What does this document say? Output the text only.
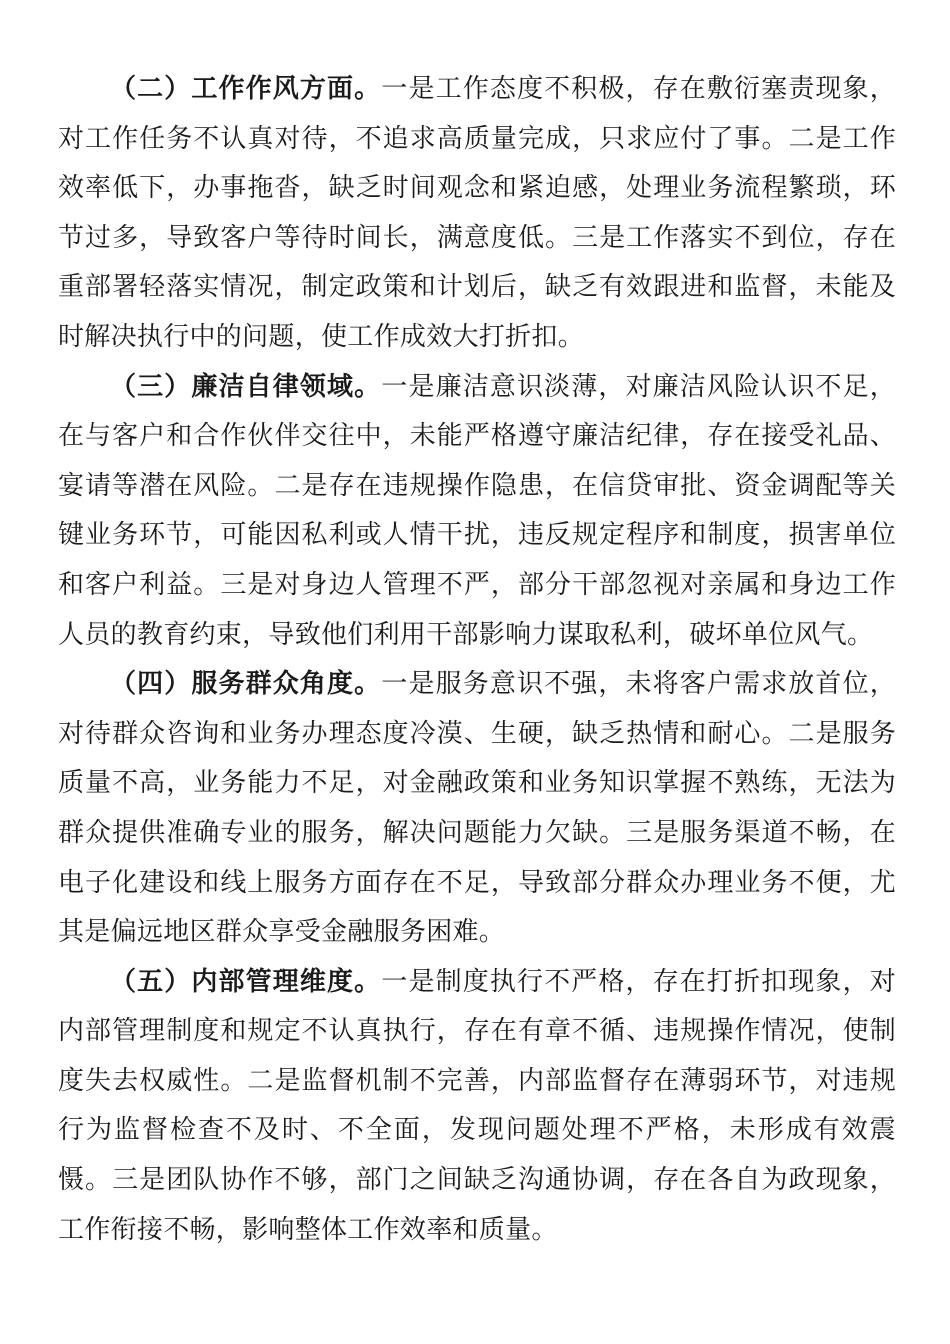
（二）工作作风方面。一是工作态度不积极，存在敷衍塞责现象，对工作任务不认真对待，不追求高质量完成，只求应付了事。二是工作效率低下，办事拖沓，缺乏时间观念和紧迫感，处理业务流程繁琐，环节过多，导致客户等待时间长，满意度低。三是工作落实不到位，存在重部署轻落实情况，制定政策和计划后，缺乏有效跟进和监督，未能及时解决执行中的问题，使工作成效大打折扣。

（三）廉洁自律领域。一是廉洁意识淡薄，对廉洁风险认识不足，在与客户和合作伙伴交往中，未能严格遵守廉洁纪律，存在接受礼品、宴请等潜在风险。二是存在违规操作隐患，在信贷审批、资金调配等关键业务环节，可能因私利或人情干扰，违反规定程序和制度，损害单位和客户利益。三是对身边人管理不严，部分干部忽视对亲属和身边工作人员的教育约束，导致他们利用干部影响力谋取私利，破坏单位风气。

（四）服务群众角度。一是服务意识不强，未将客户需求放首位，对待群众咨询和业务办理态度冷漠、生硬，缺乏热情和耐心。二是服务质量不高，业务能力不足，对金融政策和业务知识掌握不熟练，无法为群众提供准确专业的服务，解决问题能力欠缺。三是服务渠道不畅，在电子化建设和线上服务方面存在不足，导致部分群众办理业务不便，尤其是偏远地区群众享受金融服务困难。

（五）内部管理维度。一是制度执行不严格，存在打折扣现象，对内部管理制度和规定不认真执行，存在有章不循、违规操作情况，使制度失去权威性。二是监督机制不完善，内部监督存在薄弱环节，对违规行为监督检查不及时、不全面，发现问题处理不严格，未形成有效震慑。三是团队协作不够，部门之间缺乏沟通协调，存在各自为政现象，工作衔接不畅，影响整体工作效率和质量。
